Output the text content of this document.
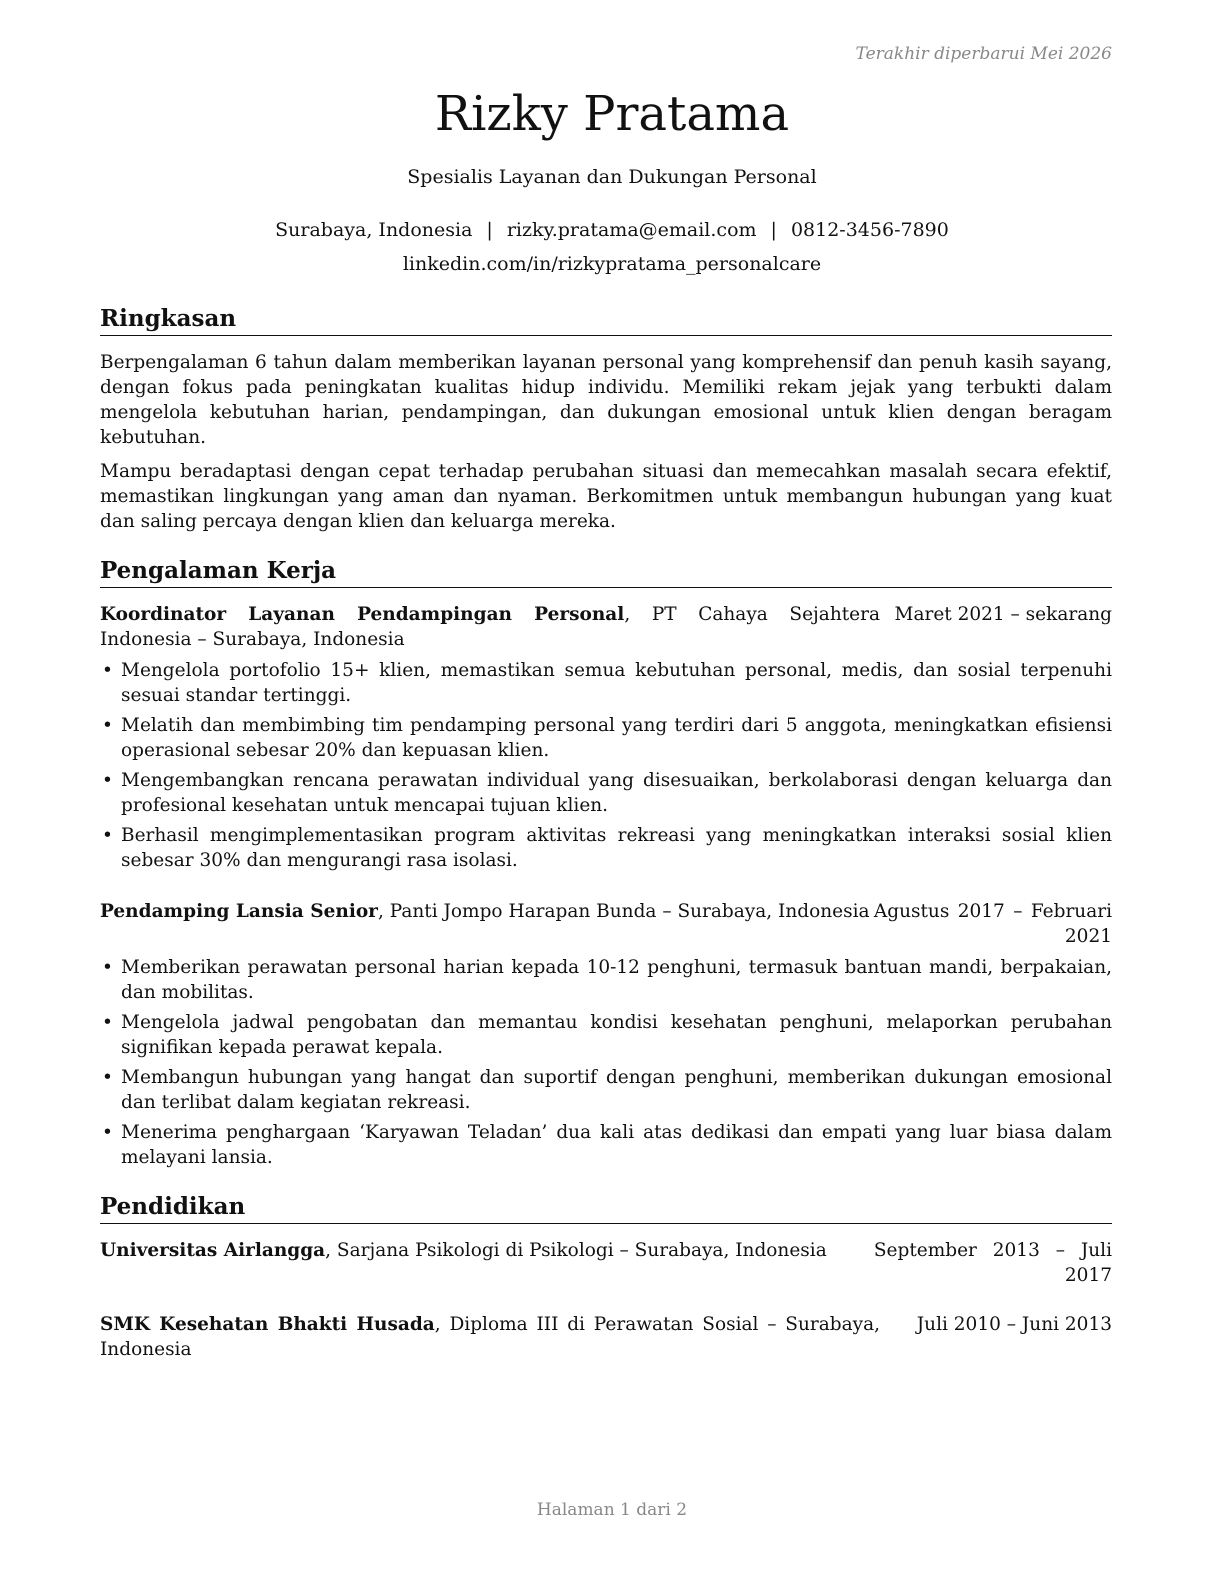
Terakhir diperbarui Mei 2026
Rizky Pratama
Spesialis Layanan dan Dukungan Personal
Surabaya, Indonesia | rizky.pratama@email.com | 0812-3456-7890
linkedin.com/in/rizkypratama_personalcare
Ringkasan

Berpengalaman 6 tahun dalam memberikan layanan personal yang komprehensif dan penuh kasih sayang, dengan fokus pada peningkatan kualitas hidup individu. Memiliki rekam jejak yang terbukti dalam mengelola kebutuhan harian, pendampingan, dan dukungan emosional untuk klien dengan beragam kebutuhan.

Mampu beradaptasi dengan cepat terhadap perubahan situasi dan memecahkan masalah secara efektif, memastikan lingkungan yang aman dan nyaman. Berkomitmen untuk membangun hubungan yang kuat dan saling percaya dengan klien dan keluarga mereka.

Pengalaman Kerja
Koordinator Layanan Pendampingan Personal, PT Cahaya Sejahtera Indonesia – Surabaya, Indonesia
Maret 2021 – sekarang
• Mengelola portofolio 15+ klien, memastikan semua kebutuhan personal, medis, dan sosial terpenuhi sesuai standar tertinggi.
• Melatih dan membimbing tim pendamping personal yang terdiri dari 5 anggota, meningkatkan efisiensi operasional sebesar 20% dan kepuasan klien.
• Mengembangkan rencana perawatan individual yang disesuaikan, berkolaborasi dengan keluarga dan profesional kesehatan untuk mencapai tujuan klien.
• Berhasil mengimplementasikan program aktivitas rekreasi yang meningkatkan interaksi sosial klien sebesar 30% dan mengurangi rasa isolasi.
Pendamping Lansia Senior, Panti Jompo Harapan Bunda – Surabaya, Indonesia Agustus 2017 – Februari 2021
• Memberikan perawatan personal harian kepada 10-12 penghuni, termasuk bantuan mandi, berpakaian, dan mobilitas.
• Mengelola jadwal pengobatan dan memantau kondisi kesehatan penghuni, melaporkan perubahan signifikan kepada perawat kepala.
• Membangun hubungan yang hangat dan suportif dengan penghuni, memberikan dukungan emosional dan terlibat dalam kegiatan rekreasi.
• Menerima penghargaan ‘Karyawan Teladan’ dua kali atas dedikasi dan empati yang luar biasa dalam melayani lansia.
Pendidikan
Universitas Airlangga, Sarjana Psikologi di Psikologi – Surabaya, Indonesia	September 2013 – Juli 2017
SMK Kesehatan Bhakti Husada, Diploma III di Perawatan Sosial – Surabaya, Indonesia
Juli 2010 – Juni 2013
Halaman 1 dari 2
